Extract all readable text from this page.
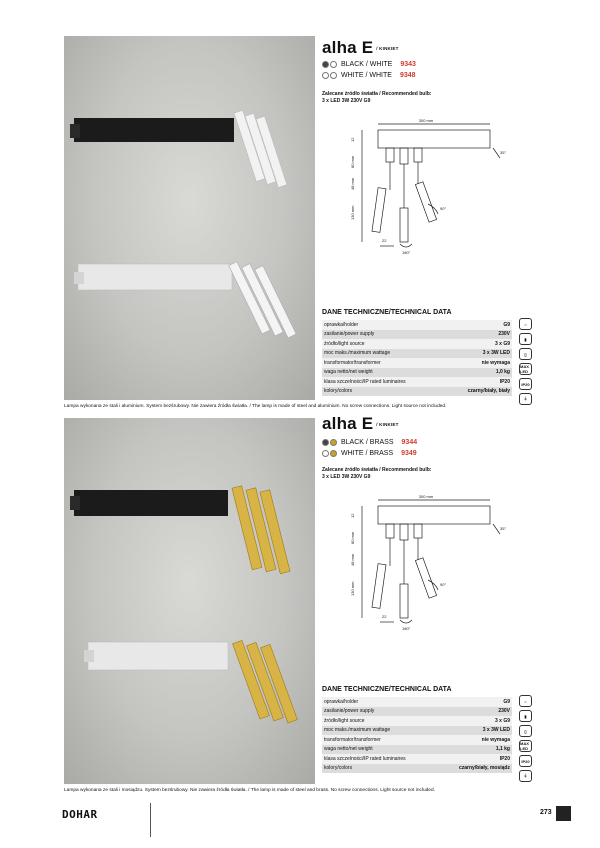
alha E / KINKIET
BLACK / WHITE 9343
WHITE / WHITE 9348
Zalecane źródło światła / Recommended bulb:
3 x LED 3W 230V G9
300 mm
12
80 mm
48 mm
130 mm
22
180°
90°
35°
DANE TECHNICZNE/TECHNICAL DATA
oprawka/holder	G9
zasilanie/power supply	230V
źródło/light source	3 x G9
moc maks./maximum wattage	3 x 3W LED
transformator/transformer	nie wymaga
waga netto/net weight	1,0 kg
klasa szczelności/IP rated luminaires	IP20
kolory/colors	czarny/biały, biały
⌂
▮
▯
MAX LED
IP20
⏚
Lampa wykonana ze stali i aluminium. System bezśrubowy. Nie zawiera źródła światła. / The lamp is made of steel and aluminium. No screw connections. Light source not included.
alha E / KINKIET
BLACK / BRASS 9344
WHITE / BRASS 9349
Zalecane źródło światła / Recommended bulb:
3 x LED 3W 230V G9
300 mm
12
80 mm
48 mm
130 mm
22
180°
90°
35°
DANE TECHNICZNE/TECHNICAL DATA
oprawka/holder	G9
zasilanie/power supply	230V
źródło/light source	3 x G9
moc maks./maximum wattage	3 x 3W LED
transformator/transformer	nie wymaga
waga netto/net weight	1,1 kg
klasa szczelności/IP rated luminaires	IP20
kolory/colors	czarny/biały, mosiądz
⌂
▮
▯
MAX LED
IP20
⏚
Lampa wykonana ze stali i mosiądzu. System bezśrubowy. Nie zawiera źródła światła. / The lamp is made of steel and brass. No screw connections. Light source not included.
DOHAR	273
